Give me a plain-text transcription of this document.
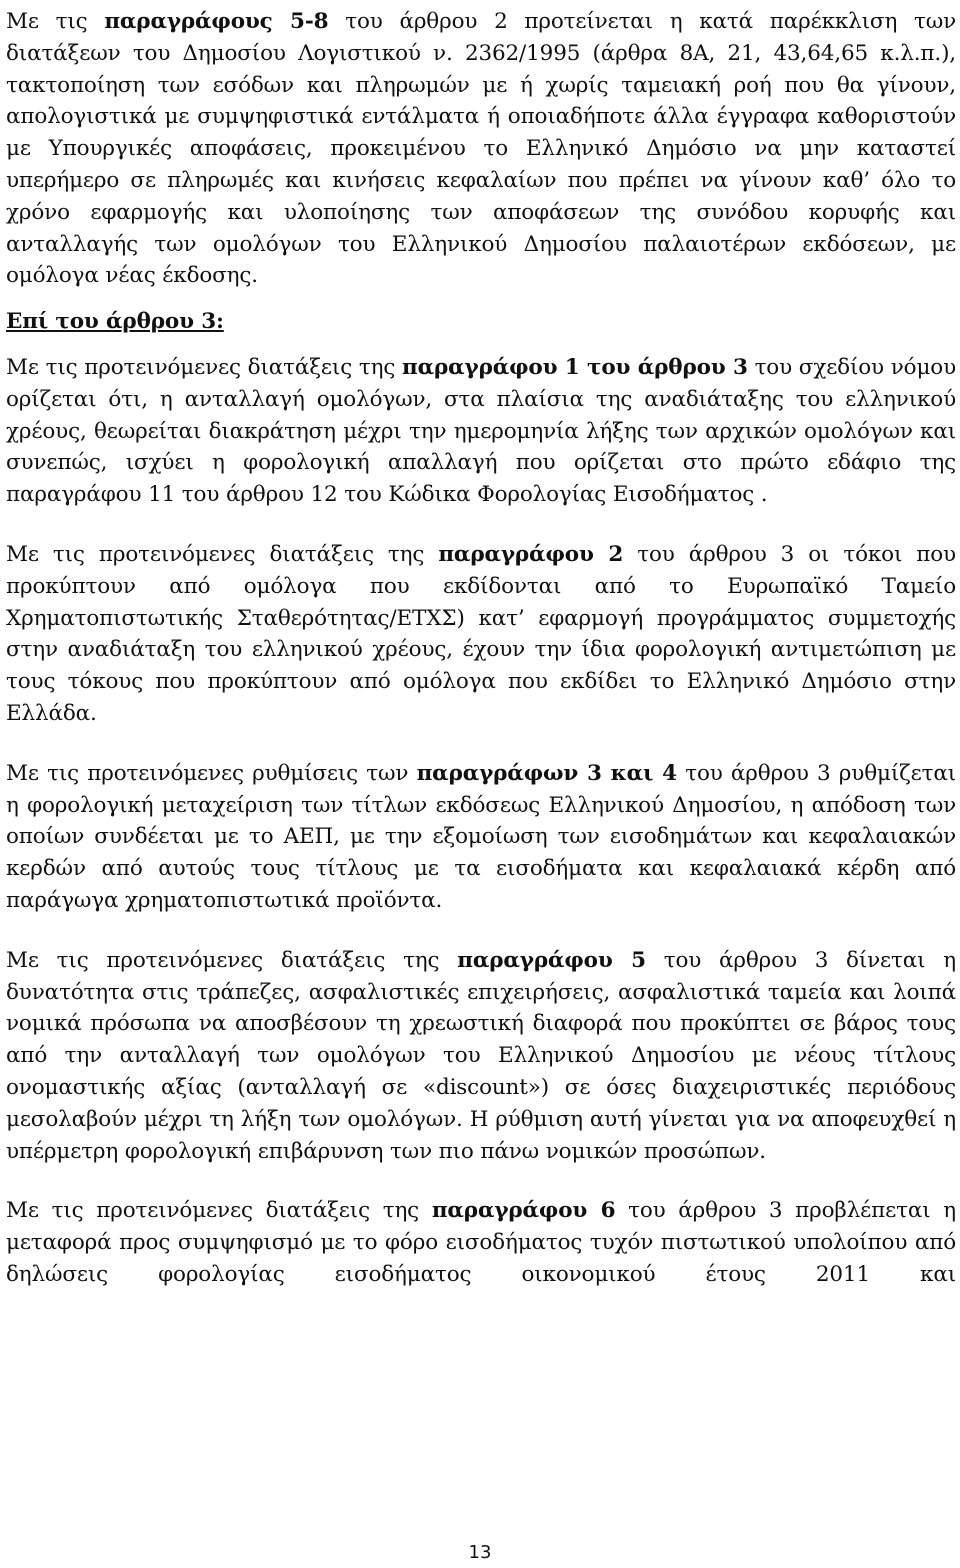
Με τις παραγράφους 5-8 του άρθρου 2 προτείνεται η κατά παρέκκλιση των διατάξεων του Δημοσίου Λογιστικού ν. 2362/1995 (άρθρα 8Α, 21, 43,64,65 κ.λ.π.), τακτοποίηση των εσόδων και πληρωμών με ή χωρίς ταμειακή ροή που θα γίνουν, απολογιστικά με συμψηφιστικά εντάλματα ή οποιαδήποτε άλλα έγγραφα καθοριστούν με Υπουργικές αποφάσεις, προκειμένου το Ελληνικό Δημόσιο να μην καταστεί υπερήμερο σε πληρωμές και κινήσεις κεφαλαίων που πρέπει να γίνουν καθ’ όλο το χρόνο εφαρμογής και υλοποίησης των αποφάσεων της συνόδου κορυφής και ανταλλαγής των ομολόγων του Ελληνικού Δημοσίου παλαιοτέρων εκδόσεων, με ομόλογα νέας έκδοσης.

Επί του άρθρου 3:

Με τις προτεινόμενες διατάξεις της παραγράφου 1 του άρθρου 3 του σχεδίου νόμου ορίζεται ότι, η ανταλλαγή ομολόγων, στα πλαίσια της αναδιάταξης του ελληνικού χρέους, θεωρείται διακράτηση μέχρι την ημερομηνία λήξης των αρχικών ομολόγων και συνεπώς, ισχύει η φορολογική απαλλαγή που ορίζεται στο πρώτο εδάφιο της παραγράφου 11 του άρθρου 12 του Κώδικα Φορολογίας Εισοδήματος .

Με τις προτεινόμενες διατάξεις της παραγράφου 2 του άρθρου 3 οι τόκοι που προκύπτουν από ομόλογα που εκδίδονται από το Ευρωπαϊκό Ταμείο Χρηματοπιστωτικής Σταθερότητας/ΕΤΧΣ) κατ’ εφαρμογή προγράμματος συμμετοχής στην αναδιάταξη του ελληνικού χρέους, έχουν την ίδια φορολογική αντιμετώπιση με τους τόκους που προκύπτουν από ομόλογα που εκδίδει το Ελληνικό Δημόσιο στην Ελλάδα.

Με τις προτεινόμενες ρυθμίσεις των παραγράφων 3 και 4 του άρθρου 3 ρυθμίζεται η φορολογική μεταχείριση των τίτλων εκδόσεως Ελληνικού Δημοσίου, η απόδοση των οποίων συνδέεται με το ΑΕΠ, με την εξομοίωση των εισοδημάτων και κεφαλαιακών κερδών από αυτούς τους τίτλους με τα εισοδήματα και κεφαλαιακά κέρδη από παράγωγα χρηματοπιστωτικά προϊόντα.

Με τις προτεινόμενες διατάξεις της παραγράφου 5 του άρθρου 3 δίνεται η δυνατότητα στις τράπεζες, ασφαλιστικές επιχειρήσεις, ασφαλιστικά ταμεία και λοιπά νομικά πρόσωπα να αποσβέσουν τη χρεωστική διαφορά που προκύπτει σε βάρος τους από την ανταλλαγή των ομολόγων του Ελληνικού Δημοσίου με νέους τίτλους ονομαστικής αξίας (ανταλλαγή σε «discount») σε όσες διαχειριστικές περιόδους μεσολαβούν μέχρι τη λήξη των ομολόγων. Η ρύθμιση αυτή γίνεται για να αποφευχθεί η υπέρμετρη φορολογική επιβάρυνση των πιο πάνω νομικών προσώπων.

Με τις προτεινόμενες διατάξεις της παραγράφου 6 του άρθρου 3 προβλέπεται η μεταφορά προς συμψηφισμό με το φόρο εισοδήματος τυχόν πιστωτικού υπολοίπου από δηλώσεις φορολογίας εισοδήματος οικονομικού έτους 2011 και

13
